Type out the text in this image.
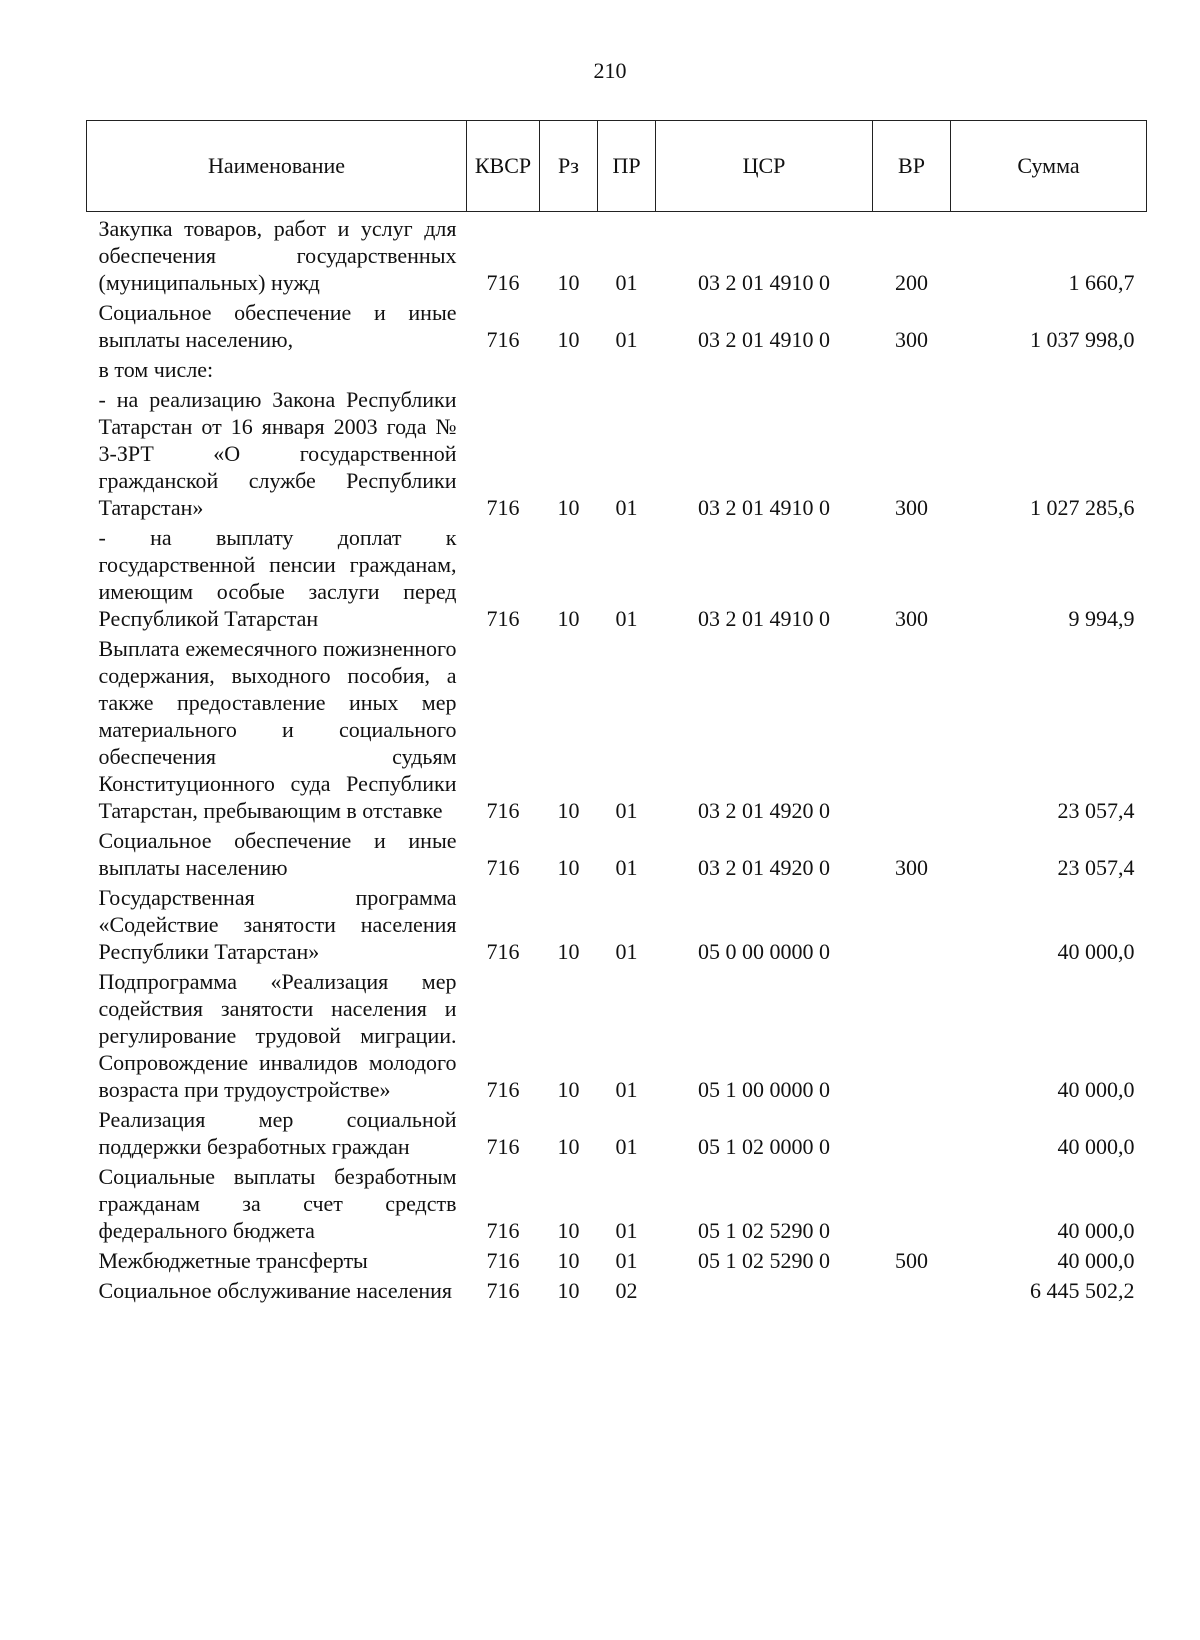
210
Наименование	КВСР	Рз	ПР	ЦСР	ВР	Сумма
Закупка товаров, работ и услуг для обеспечения государственных (муниципальных) нужд	716	10	01	03 2 01 4910 0	200	1 660,7
Социальное обеспечение и иные выплаты населению,	716	10	01	03 2 01 4910 0	300	1 037 998,0
в том числе:						
- на реализацию Закона Республики Татарстан от 16 января 2003 года № 3-ЗРТ «О государственной гражданской службе Республики Татарстан»	716	10	01	03 2 01 4910 0	300	1 027 285,6
- на выплату доплат к государственной пенсии гражданам, имеющим особые заслуги перед Республикой Татарстан	716	10	01	03 2 01 4910 0	300	9 994,9
Выплата ежемесячного пожизненного содержания, выходного пособия, а также предоставление иных мер материального и социального обеспечения судьям Конституционного суда Республики Татарстан, пребывающим в отставке	716	10	01	03 2 01 4920 0		23 057,4
Социальное обеспечение и иные выплаты населению	716	10	01	03 2 01 4920 0	300	23 057,4
Государственная программа «Содействие занятости населения Республики Татарстан»	716	10	01	05 0 00 0000 0		40 000,0
Подпрограмма «Реализация мер содействия занятости населения и регулирование трудовой миграции. Сопровождение инвалидов молодого возраста при трудоустройстве»	716	10	01	05 1 00 0000 0		40 000,0
Реализация мер социальной поддержки безработных граждан	716	10	01	05 1 02 0000 0		40 000,0
Социальные выплаты безработным гражданам за счет средств федерального бюджета	716	10	01	05 1 02 5290 0		40 000,0
Межбюджетные трансферты	716	10	01	05 1 02 5290 0	500	40 000,0
Социальное обслуживание населения	716	10	02			6 445 502,2
